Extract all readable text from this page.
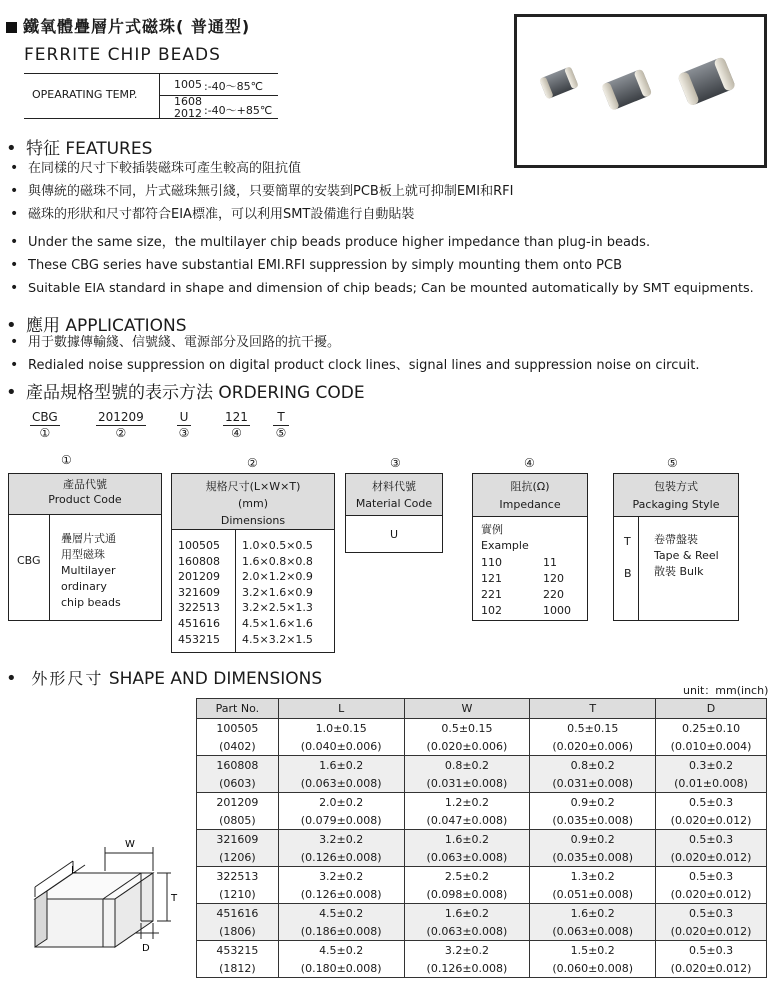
鐵氧體疊層片式磁珠( 普通型)
FERRITE CHIP BEADS
OPEARATING TEMP.
1005 :-40～85℃
1608
2012 :-40～+85℃
• 特征 FEATURES
• 在同樣的尺寸下較插裝磁珠可產生較高的阻抗值
• 與傳統的磁珠不同，片式磁珠無引綫，只要簡單的安裝到PCB板上就可抑制EMI和RFI
• 磁珠的形狀和尺寸都符合EIA標准，可以利用SMT設備進行自動貼裝
• Under the same size，the multilayer chip beads produce higher impedance than plug-in beads.
• These CBG series have substantial EMI.RFI suppression by simply mounting them onto PCB
• Suitable EIA standard in shape and dimension of chip beads; Can be mounted automatically by SMT equipments.
• 應用 APPLICATIONS
• 用于數據傳輸綫、信號綫、電源部分及回路的抗干擾。
• Redialed noise suppression on digital product clock lines、signal lines and suppression noise on circuit.
• 產品規格型號的表示方法 ORDERING CODE
CBG
①
201209
②
U
③
121
④
T
⑤
①
產品代號
Product Code
CBG
疊層片式通
用型磁珠
Multilayer
ordinary
chip beads
②
規格尺寸(L×W×T)
(mm)
Dimensions
100505 1.0×0.5×0.5
160808 1.6×0.8×0.8
201209 2.0×1.2×0.9
321609 3.2×1.6×0.9
322513 3.2×2.5×1.3
451616 4.5×1.6×1.6
453215 4.5×3.2×1.5
③
材料代號
Material Code
U
④
阻抗(Ω)
Impedance
實例
Example
110	11
121	120
221	220
102	1000
⑤
包裝方式
Packaging Style
T
B
卷帶盤裝
Tape & Reel
散裝 Bulk
• 外形尺寸 SHAPE AND DIMENSIONS
unit：mm(inch)
L
W
T
D
Part No.	L	W	T	D
100505	1.0±0.15	0.5±0.15	0.5±0.15	0.25±0.10
(0402)	(0.040±0.006)	(0.020±0.006)	(0.020±0.006)	(0.010±0.004)
160808	1.6±0.2	0.8±0.2	0.8±0.2	0.3±0.2
(0603)	(0.063±0.008)	(0.031±0.008)	(0.031±0.008)	(0.01±0.008)
201209	2.0±0.2	1.2±0.2	0.9±0.2	0.5±0.3
(0805)	(0.079±0.008)	(0.047±0.008)	(0.035±0.008)	(0.020±0.012)
321609	3.2±0.2	1.6±0.2	0.9±0.2	0.5±0.3
(1206)	(0.126±0.008)	(0.063±0.008)	(0.035±0.008)	(0.020±0.012)
322513	3.2±0.2	2.5±0.2	1.3±0.2	0.5±0.3
(1210)	(0.126±0.008)	(0.098±0.008)	(0.051±0.008)	(0.020±0.012)
451616	4.5±0.2	1.6±0.2	1.6±0.2	0.5±0.3
(1806)	(0.186±0.008)	(0.063±0.008)	(0.063±0.008)	(0.020±0.012)
453215	4.5±0.2	3.2±0.2	1.5±0.2	0.5±0.3
(1812)	(0.180±0.008)	(0.126±0.008)	(0.060±0.008)	(0.020±0.012)
